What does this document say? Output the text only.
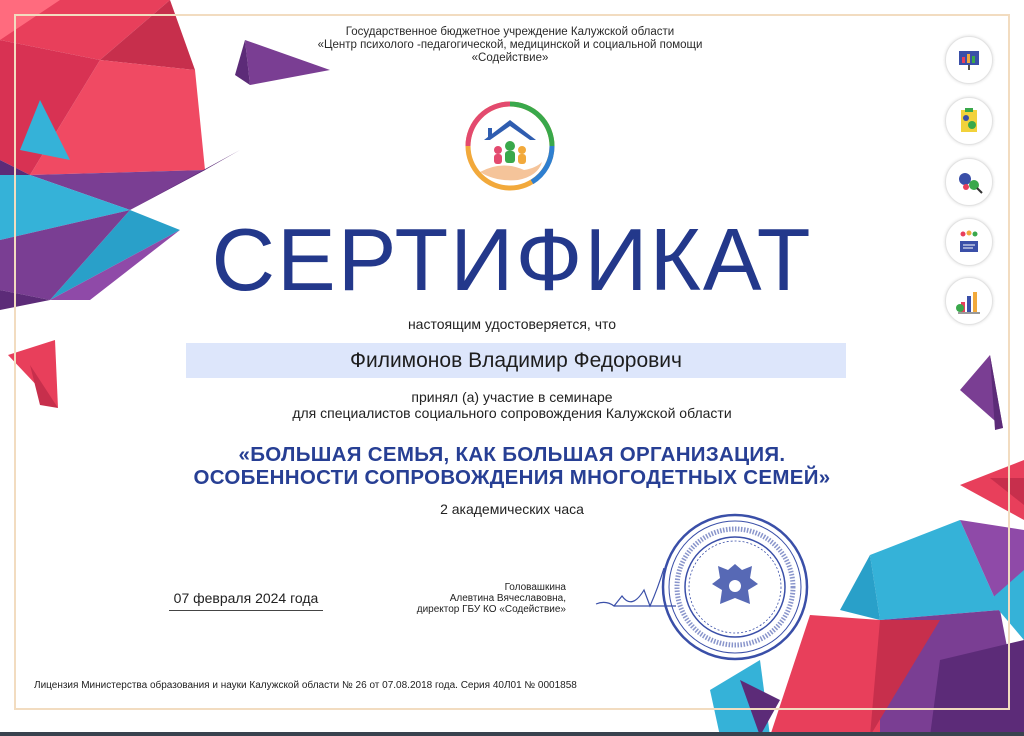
Государственное бюджетное учреждение Калужской области
«Центр психолого -педагогической, медицинской и социальной помощи
«Содействие»
СЕРТИФИКАТ
настоящим удостоверяется, что
Филимонов Владимир Федорович
принял (а) участие в семинаре
для специалистов социального сопровождения Калужской области
«БОЛЬШАЯ СЕМЬЯ, КАК БОЛЬШАЯ ОРГАНИЗАЦИЯ.
ОСОБЕННОСТИ СОПРОВОЖДЕНИЯ МНОГОДЕТНЫХ СЕМЕЙ»
2 академических часа
07 февраля 2024 года
Головашкина
Алевтина Вячеславовна,
директор ГБУ КО «Содействие»
Лицензия Министерства образования и науки Калужской области № 26 от 07.08.2018 года. Серия 40Л01 № 0001858
